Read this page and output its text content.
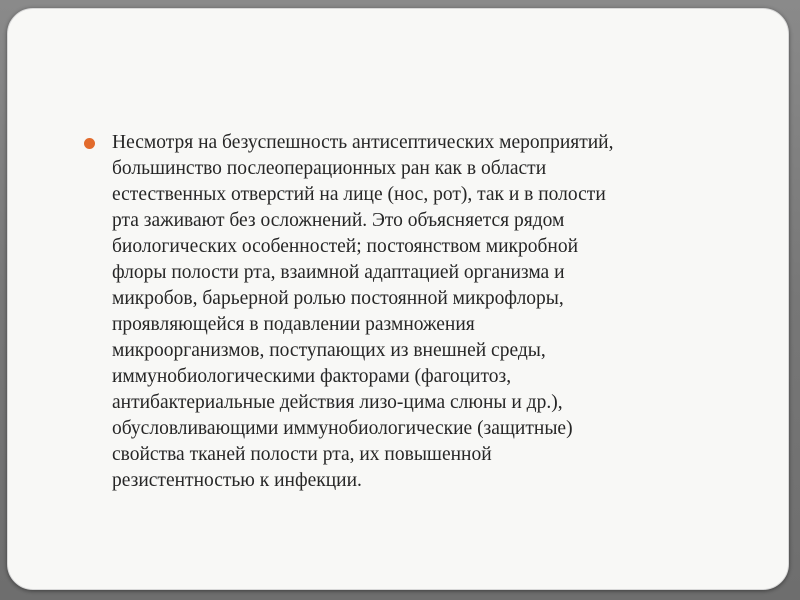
Несмотря на безуспешность антисептических мероприятий,
большинство послеоперационных ран как в области
естественных отверстий на лице (нос, рот), так и в полости
рта заживают без осложнений. Это объясняется рядом
биологических особенностей; постоянством микробной
флоры полости рта, взаимной адаптацией организма и
микробов, барьерной ролью постоянной микрофлоры,
проявляющейся в подавлении размножения
микроорганизмов, поступающих из внешней среды,
иммунобиологическими факторами (фагоцитоз,
антибактериальные действия лизо-цима слюны и др.),
обусловливающими иммунобиологические (защитные)
свойства тканей полости рта, их повышенной
резистентностью к инфекции.
